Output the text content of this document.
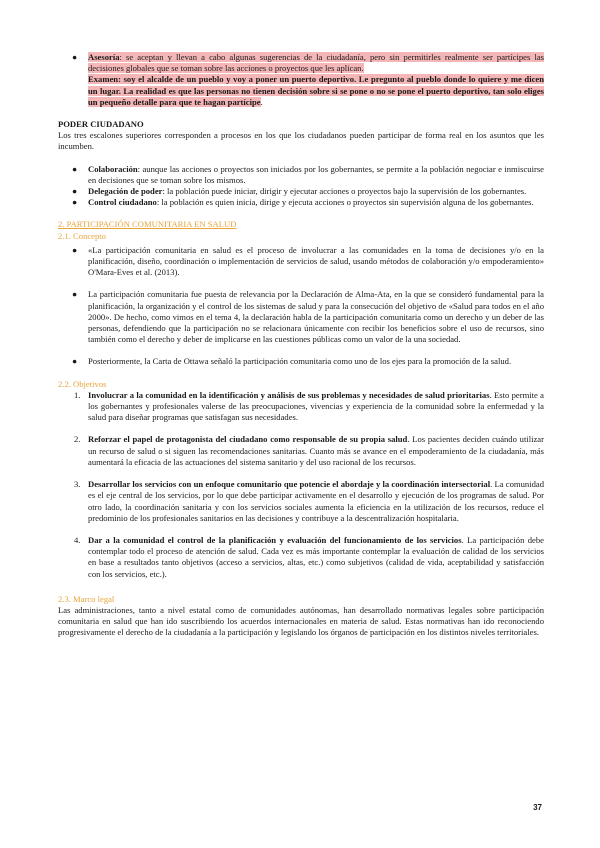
● Asesoría: se aceptan y llevan a cabo algunas sugerencias de la ciudadanía, pero sin permitirles realmente ser partícipes las decisiones globales que se toman sobre las acciones o proyectos que les aplican.
Examen: soy el alcalde de un pueblo y voy a poner un puerto deportivo. Le pregunto al pueblo donde lo quiere y me dicen un lugar. La realidad es que las personas no tienen decisión sobre si se pone o no se pone el puerto deportivo, tan solo eliges un pequeño detalle para que te hagan partícipe.
PODER CIUDADANO

Los tres escalones superiores corresponden a procesos en los que los ciudadanos pueden participar de forma real en los asuntos que les incumben.

● Colaboración: aunque las acciones o proyectos son iniciados por los gobernantes, se permite a la población negociar e inmiscuirse en decisiones que se toman sobre los mismos.
● Delegación de poder: la población puede iniciar, dirigir y ejecutar acciones o proyectos bajo la supervisión de los gobernantes.
● Control ciudadano: la población es quien inicia, dirige y ejecuta acciones o proyectos sin supervisión alguna de los gobernantes.
2. PARTICIPACIÓN COMUNITARIA EN SALUD
2.1. Concepto
● «La participación comunitaria en salud es el proceso de involucrar a las comunidades en la toma de decisiones y/o en la planificación, diseño, coordinación o implementación de servicios de salud, usando métodos de colaboración y/o empoderamiento» O'Mara-Eves et al. (2013).
● La participación comunitaria fue puesta de relevancia por la Declaración de Alma-Ata, en la que se consideró fundamental para la planificación, la organización y el control de los sistemas de salud y para la consecución del objetivo de «Salud para todos en el año 2000». De hecho, como vimos en el tema 4, la declaración habla de la participación comunitaria como un derecho y un deber de las personas, defendiendo que la participación no se relacionara únicamente con recibir los beneficios sobre el uso de recursos, sino también como el derecho y deber de implicarse en las cuestiones públicas como un valor de la una sociedad.
● Posteriormente, la Carta de Ottawa señaló la participación comunitaria como uno de los ejes para la promoción de la salud.
2.2. Objetivos
1. Involucrar a la comunidad en la identificación y análisis de sus problemas y necesidades de salud prioritarias. Esto permite a los gobernantes y profesionales valerse de las preocupaciones, vivencias y experiencia de la comunidad sobre la enfermedad y la salud para diseñar programas que satisfagan sus necesidades.
2. Reforzar el papel de protagonista del ciudadano como responsable de su propia salud. Los pacientes deciden cuándo utilizar un recurso de salud o si siguen las recomendaciones sanitarias. Cuanto más se avance en el empoderamiento de la ciudadanía, más aumentará la eficacia de las actuaciones del sistema sanitario y del uso racional de los recursos.
3. Desarrollar los servicios con un enfoque comunitario que potencie el abordaje y la coordinación intersectorial. La comunidad es el eje central de los servicios, por lo que debe participar activamente en el desarrollo y ejecución de los programas de salud. Por otro lado, la coordinación sanitaria y con los servicios sociales aumenta la eficiencia en la utilización de los recursos, reduce el predominio de los profesionales sanitarios en las decisiones y contribuye a la descentralización hospitalaria.
4. Dar a la comunidad el control de la planificación y evaluación del funcionamiento de los servicios. La participación debe contemplar todo el proceso de atención de salud. Cada vez es más importante contemplar la evaluación de calidad de los servicios en base a resultados tanto objetivos (acceso a servicios, altas, etc.) como subjetivos (calidad de vida, aceptabilidad y satisfacción con los servicios, etc.).
2.3. Marco legal

Las administraciones, tanto a nivel estatal como de comunidades autónomas, han desarrollado normativas legales sobre participación comunitaria en salud que han ido suscribiendo los acuerdos internacionales en materia de salud. Estas normativas han ido reconociendo progresivamente el derecho de la ciudadanía a la participación y legislando los órganos de participación en los distintos niveles territoriales.

37
